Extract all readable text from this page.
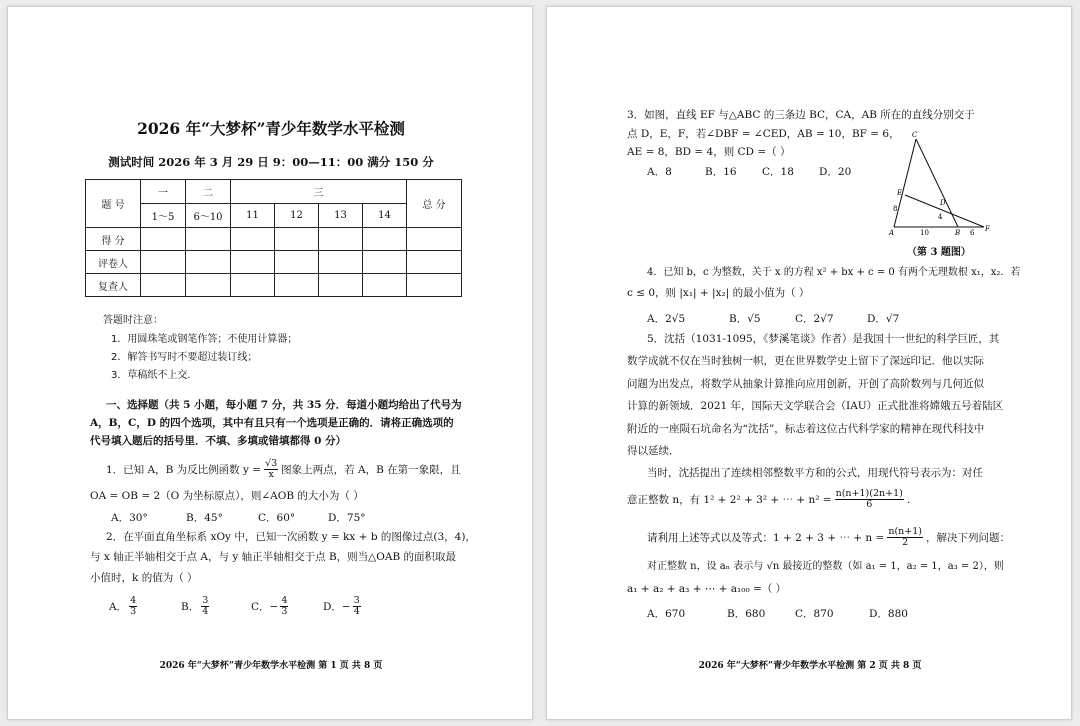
2026 年“大梦杯”青少年数学水平检测
测试时间 2026 年 3 月 29 日 9：00—11：00 满分 150 分
题 号	一	二	三				总 分
	1～5	6～10	11	12	13	14	
得 分							
评卷人							
复查人							
答题时注意：
1．用圆珠笔或钢笔作答；不使用计算器；
2．解答书写时不要超过装订线；
3．草稿纸不上交.
一、选择题（共 5 小题，每小题 7 分，共 35 分．每道小题均给出了代号为
A，B，C，D 的四个选项，其中有且只有一个选项是正确的．请将正确选项的
代号填入题后的括号里．不填、多填或错填都得 0 分）
1．已知 A，B 为反比例函数 $y = \frac{√3}{x}$ 图象上两点，若 A，B 在第一象限，且
OA = OB = 2（O 为坐标原点），则∠AOB 的大小为（ ）
A．30°	B．45°	C．60°	D．75°
2．在平面直角坐标系 xOy 中，已知一次函数 y = kx + b 的图像过点(3，4)，
与 x 轴正半轴相交于点 A，与 y 轴正半轴相交于点 B，则当△OAB 的面积取最
小值时，k 的值为（ ）
A． $\frac{4}{3}$	B． $\frac{3}{4}$	C．− $\frac{4}{3}$	D．− $\frac{3}{4}$
2026 年“大梦杯”青少年数学水平检测 第 1 页 共 8 页
3．如图，直线 EF 与△ABC 的三条边 BC，CA，AB 所在的直线分别交于
点 D，E，F，若∠DBF = ∠CED，AB = 10，BF = 6，
AE = 8，BD = 4，则 CD =（ ）
A．8	B．16 C．18 D．20
C
E
D
8
4
A	10	B 6 F
（第 3 题图）
4．已知 b，c 为整数，关于 x 的方程 x² + bx + c = 0 有两个无理数根 x₁，x₂．若
c ≤ 0，则 |x₁| + |x₂| 的最小值为（ ）
A．2√5	B．√5	C．2√7	D．√7
5．沈括（1031-1095，《梦溪笔谈》作者）是我国十一世纪的科学巨匠，其
数学成就不仅在当时独树一帜，更在世界数学史上留下了深远印记．他以实际
问题为出发点，将数学从抽象计算推向应用创新，开创了高阶数列与几何近似
计算的新领域．2021 年，国际天文学联合会（IAU）正式批准将嫦娥五号着陆区
附近的一座陨石坑命名为“沈括”，标志着这位古代科学家的精神在现代科技中
得以延续．
当时，沈括提出了连续相邻整数平方和的公式，用现代符号表示为：对任
意正整数 n，有 1² + 2² + 3² + ⋯ + $n^2 = \frac{n(n+1)(2n+1)}{6}$ .
请利用上述等式以及等式：1 + 2 + 3 + ⋯ + $n = \frac{n(n+1)}{2}$ ，解决下列问题：
对正整数 n，设 aₙ 表示与 √n 最接近的整数（如 a₁ = 1，a₂ = 1，a₃ = 2），则
a₁ + a₂ + a₃ + ⋯ + a₁₀₀ =（ ）
A．670	B．680	C．870	D．880
2026 年“大梦杯”青少年数学水平检测 第 2 页 共 8 页
